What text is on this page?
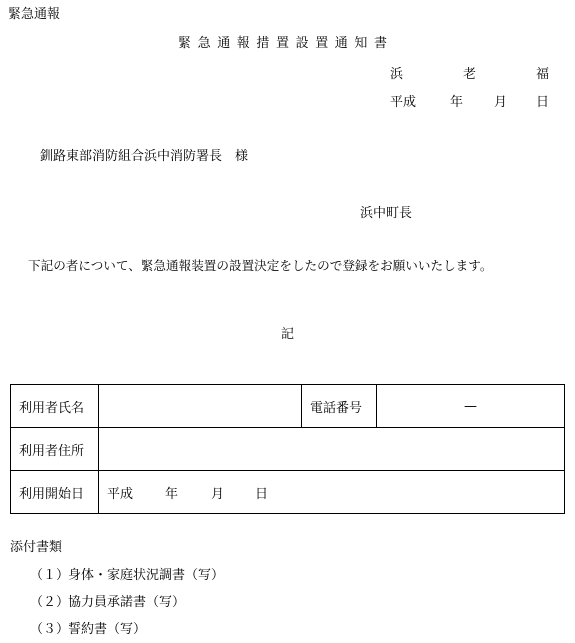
緊急通報
緊急通報措置設置通知書
浜	老	福
平成	年 月 日
釧路東部消防組合浜中消防署長　様
浜中町長
下記の者について、緊急通報装置の設置決定をしたので登録をお願いいたします。
記
利用者氏名		電話番号	—
利用者住所			
利用開始日	平成 年 月 日		
添付書類
（１）身体・家庭状況調書（写）
（２）協力員承諾書（写）
（３）誓約書（写）
